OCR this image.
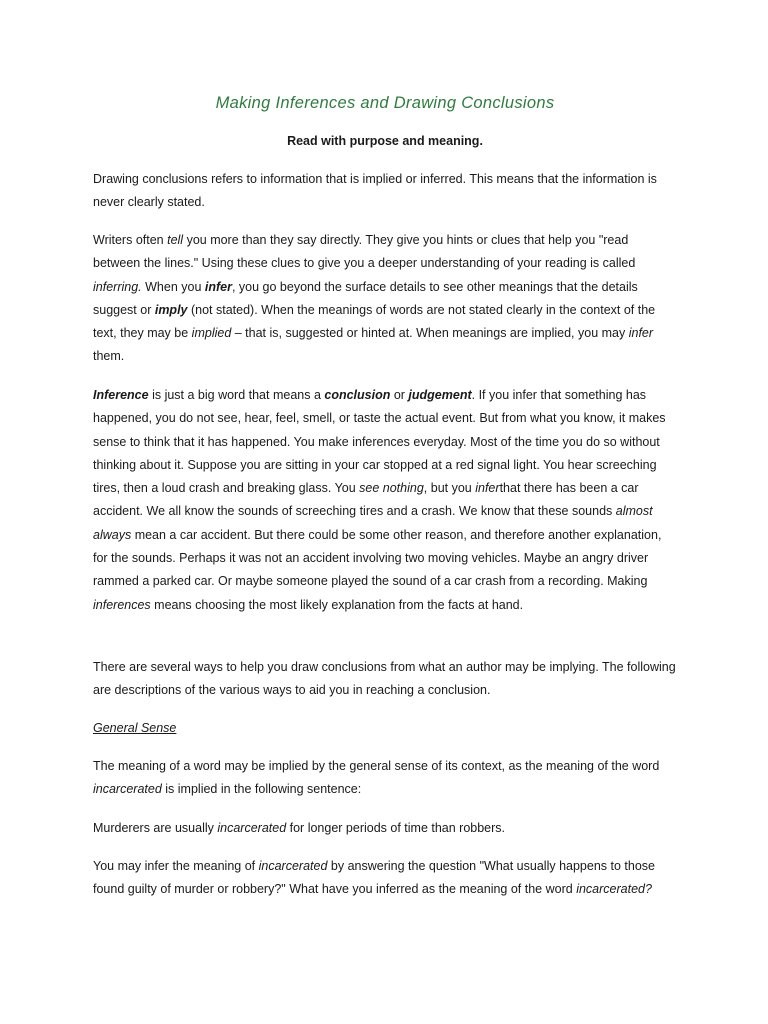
Making Inferences and Drawing Conclusions
Read with purpose and meaning.

Drawing conclusions refers to information that is implied or inferred. This means that the information is never clearly stated.

Writers often tell you more than they say directly. They give you hints or clues that help you "read between the lines." Using these clues to give you a deeper understanding of your reading is called inferring. When you infer, you go beyond the surface details to see other meanings that the details suggest or imply (not stated). When the meanings of words are not stated clearly in the context of the text, they may be implied – that is, suggested or hinted at. When meanings are implied, you may infer them.

Inference is just a big word that means a conclusion or judgement. If you infer that something has happened, you do not see, hear, feel, smell, or taste the actual event. But from what you know, it makes sense to think that it has happened. You make inferences everyday. Most of the time you do so without thinking about it. Suppose you are sitting in your car stopped at a red signal light. You hear screeching tires, then a loud crash and breaking glass. You see nothing, but you inferthat there has been a car accident. We all know the sounds of screeching tires and a crash. We know that these sounds almost always mean a car accident. But there could be some other reason, and therefore another explanation, for the sounds. Perhaps it was not an accident involving two moving vehicles. Maybe an angry driver rammed a parked car. Or maybe someone played the sound of a car crash from a recording. Making inferences means choosing the most likely explanation from the facts at hand.

There are several ways to help you draw conclusions from what an author may be implying. The following are descriptions of the various ways to aid you in reaching a conclusion.

General Sense

The meaning of a word may be implied by the general sense of its context, as the meaning of the word incarcerated is implied in the following sentence:

Murderers are usually incarcerated for longer periods of time than robbers.

You may infer the meaning of incarcerated by answering the question "What usually happens to those found guilty of murder or robbery?" What have you inferred as the meaning of the word incarcerated?
